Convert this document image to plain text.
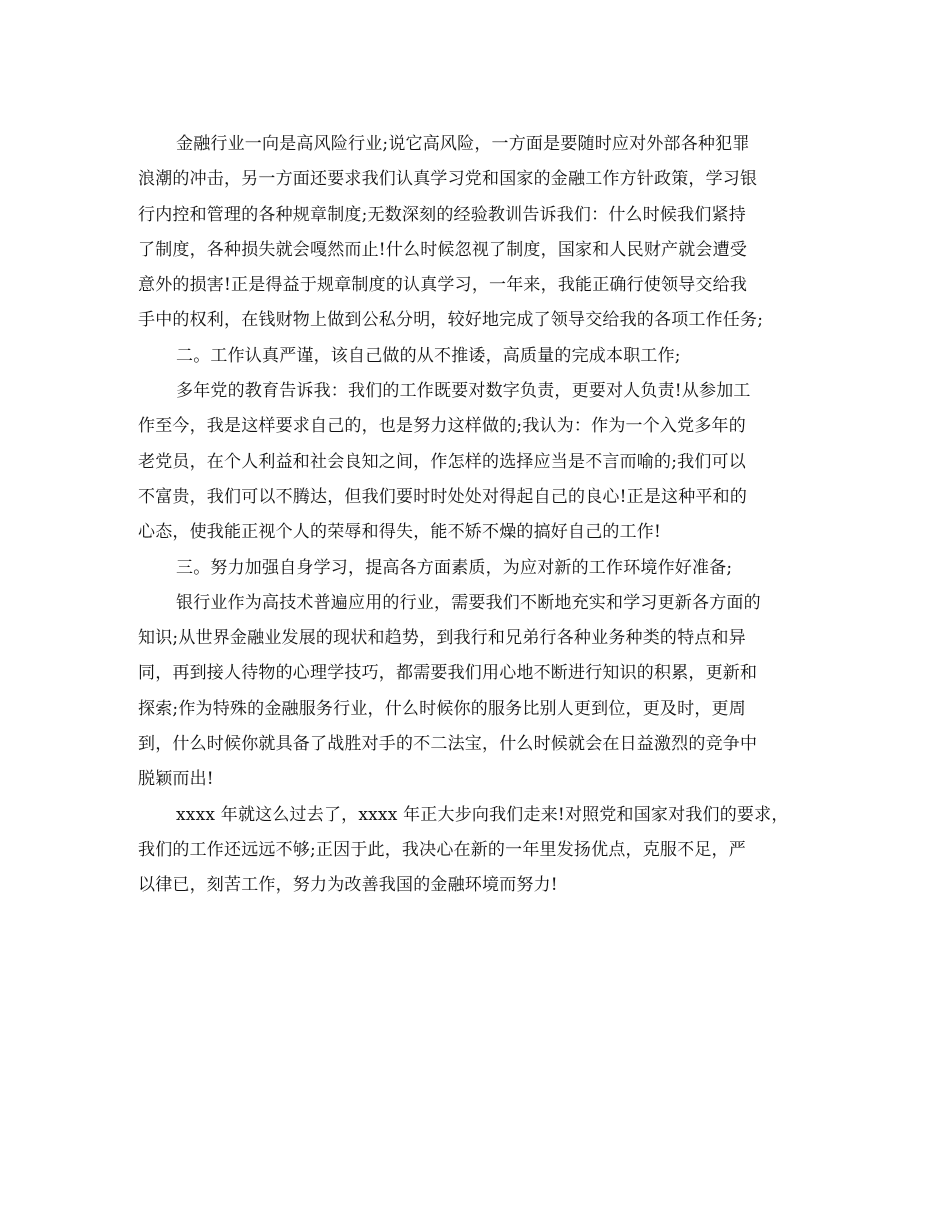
金融行业一向是高风险行业;说它高风险，一方面是要随时应对外部各种犯罪
浪潮的冲击，另一方面还要求我们认真学习党和国家的金融工作方针政策，学习银
行内控和管理的各种规章制度;无数深刻的经验教训告诉我们：什么时候我们紧持
了制度，各种损失就会嘎然而止!什么时候忽视了制度，国家和人民财产就会遭受
意外的损害!正是得益于规章制度的认真学习，一年来，我能正确行使领导交给我
手中的权利，在钱财物上做到公私分明，较好地完成了领导交给我的各项工作任务;
二。工作认真严谨，该自己做的从不推诿，高质量的完成本职工作;
多年党的教育告诉我：我们的工作既要对数字负责，更要对人负责!从参加工
作至今，我是这样要求自己的，也是努力这样做的;我认为：作为一个入党多年的
老党员，在个人利益和社会良知之间，作怎样的选择应当是不言而喻的;我们可以
不富贵，我们可以不腾达，但我们要时时处处对得起自己的良心!正是这种平和的
心态，使我能正视个人的荣辱和得失，能不矫不燥的搞好自己的工作!
三。努力加强自身学习，提高各方面素质，为应对新的工作环境作好准备;
银行业作为高技术普遍应用的行业，需要我们不断地充实和学习更新各方面的
知识;从世界金融业发展的现状和趋势，到我行和兄弟行各种业务种类的特点和异
同，再到接人待物的心理学技巧，都需要我们用心地不断进行知识的积累，更新和
探索;作为特殊的金融服务行业，什么时候你的服务比别人更到位，更及时，更周
到，什么时候你就具备了战胜对手的不二法宝，什么时候就会在日益激烈的竞争中
脱颖而出!
xxxx 年就这么过去了，xxxx 年正大步向我们走来!对照党和国家对我们的要求，
我们的工作还远远不够;正因于此，我决心在新的一年里发扬优点，克服不足，严
以律已，刻苦工作，努力为改善我国的金融环境而努力!
